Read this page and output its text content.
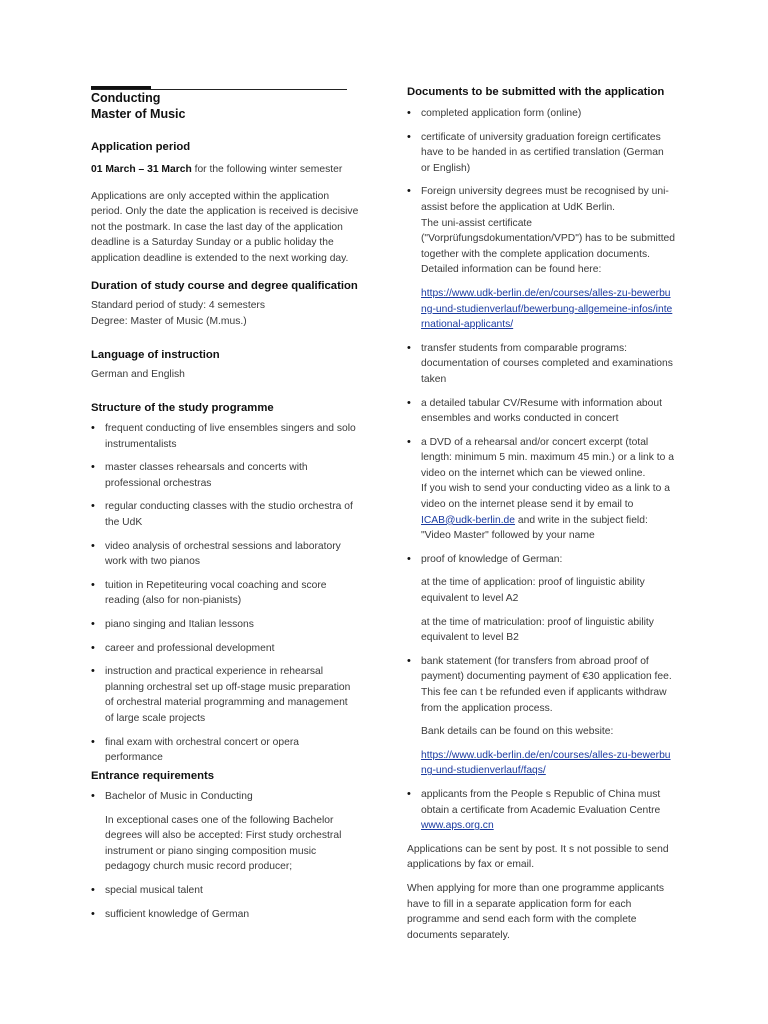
Conducting
Master of Music
Application period

01 March – 31 March for the following winter semester

Applications are only accepted within the application period. Only the date the application is received is decisive not the postmark. In case the last day of the application deadline is a Saturday Sunday or a public holiday the application deadline is extended to the next working day.

Duration of study course and degree qualification

Standard period of study: 4 semesters

Degree: Master of Music (M.mus.)

Language of instruction

German and English

Structure of the study programme
• frequent conducting of live ensembles singers and solo instrumentalists
• master classes rehearsals and concerts with professional orchestras
• regular conducting classes with the studio orchestra of the UdK
• video analysis of orchestral sessions and laboratory work with two pianos
• tuition in Repetiteuring vocal coaching and score reading (also for non-pianists)
• piano singing and Italian lessons
• career and professional development
• instruction and practical experience in rehearsal planning orchestral set up off-stage music preparation of orchestral material programming and management of large scale projects
• final exam with orchestral concert or opera performance
Entrance requirements
• Bachelor of Music in Conducting
In exceptional cases one of the following Bachelor degrees will also be accepted: First study orchestral instrument or piano singing composition music pedagogy church music record producer;
• special musical talent
• sufficient knowledge of German
Documents to be submitted with the application
• completed application form (online)
• certificate of university graduation foreign certificates have to be handed in as certified translation (German or English)
• Foreign university degrees must be recognised by uni-assist before the application at UdK Berlin.
The uni-assist certificate ("Vorprüfungsdokumentation/VPD") has to be submitted together with the complete application documents. Detailed information can be found here:
https://www.udk-berlin.de/en/courses/alles-zu-bewerbung-und-studienverlauf/bewerbung-allgemeine-infos/international-applicants/
• transfer students from comparable programs: documentation of courses completed and examinations taken
• a detailed tabular CV/Resume with information about ensembles and works conducted in concert
• a DVD of a rehearsal and/or concert excerpt (total length: minimum 5 min. maximum 45 min.) or a link to a video on the internet which can be viewed online.
If you wish to send your conducting video as a link to a video on the internet please send it by email to ICAB@udk-berlin.de and write in the subject field: "Video Master" followed by your name
• proof of knowledge of German:
at the time of application: proof of linguistic ability equivalent to level A2
at the time of matriculation: proof of linguistic ability equivalent to level B2
• bank statement (for transfers from abroad proof of payment) documenting payment of €30 application fee. This fee can t be refunded even if applicants withdraw from the application process.
Bank details can be found on this website:
https://www.udk-berlin.de/en/courses/alles-zu-bewerbung-und-studienverlauf/faqs/
• applicants from the People s Republic of China must obtain a certificate from Academic Evaluation Centre
www.aps.org.cn

Applications can be sent by post. It s not possible to send applications by fax or email.

When applying for more than one programme applicants have to fill in a separate application form for each programme and send each form with the complete documents separately.
